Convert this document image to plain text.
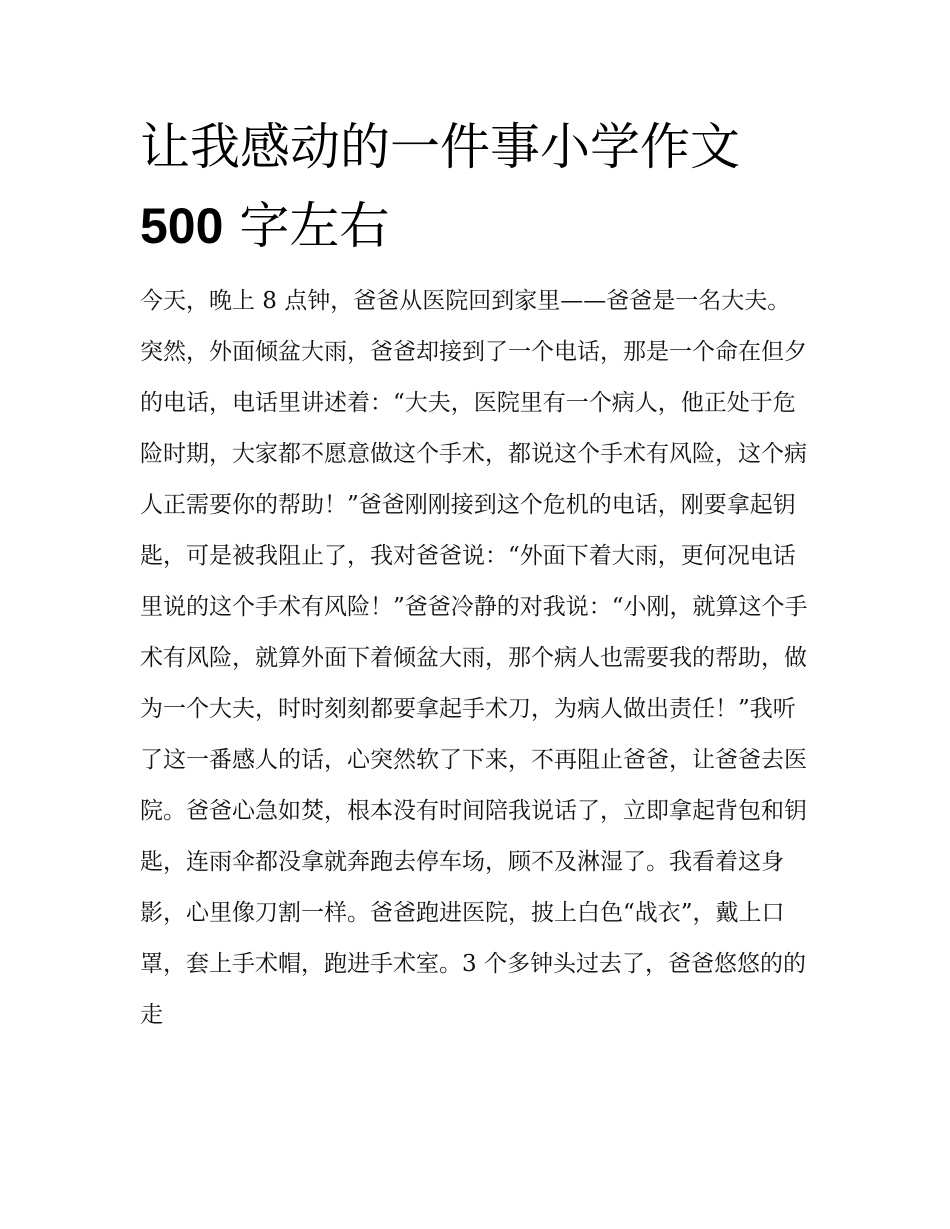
让我感动的一件事小学作文
500 字左右

今天，晚上 8 点钟，爸爸从医院回到家里——爸爸是一名大夫。

突然，外面倾盆大雨，爸爸却接到了一个电话，那是一个命在但夕的电话，电话里讲述着：“大夫，医院里有一个病人，他正处于危险时期，大家都不愿意做这个手术，都说这个手术有风险，这个病人正需要你的帮助！”爸爸刚刚接到这个危机的电话，刚要拿起钥匙，可是被我阻止了，我对爸爸说：“外面下着大雨，更何况电话里说的这个手术有风险！”爸爸冷静的对我说：“小刚，就算这个手术有风险，就算外面下着倾盆大雨，那个病人也需要我的帮助，做为一个大夫，时时刻刻都要拿起手术刀，为病人做出责任！”我听了这一番感人的话，心突然软了下来，不再阻止爸爸，让爸爸去医院。爸爸心急如焚，根本没有时间陪我说话了，立即拿起背包和钥匙，连雨伞都没拿就奔跑去停车场，顾不及淋湿了。我看着这身影，心里像刀割一样。爸爸跑进医院，披上白色“战衣”，戴上口罩，套上手术帽，跑进手术室。3 个多钟头过去了，爸爸悠悠的的走
